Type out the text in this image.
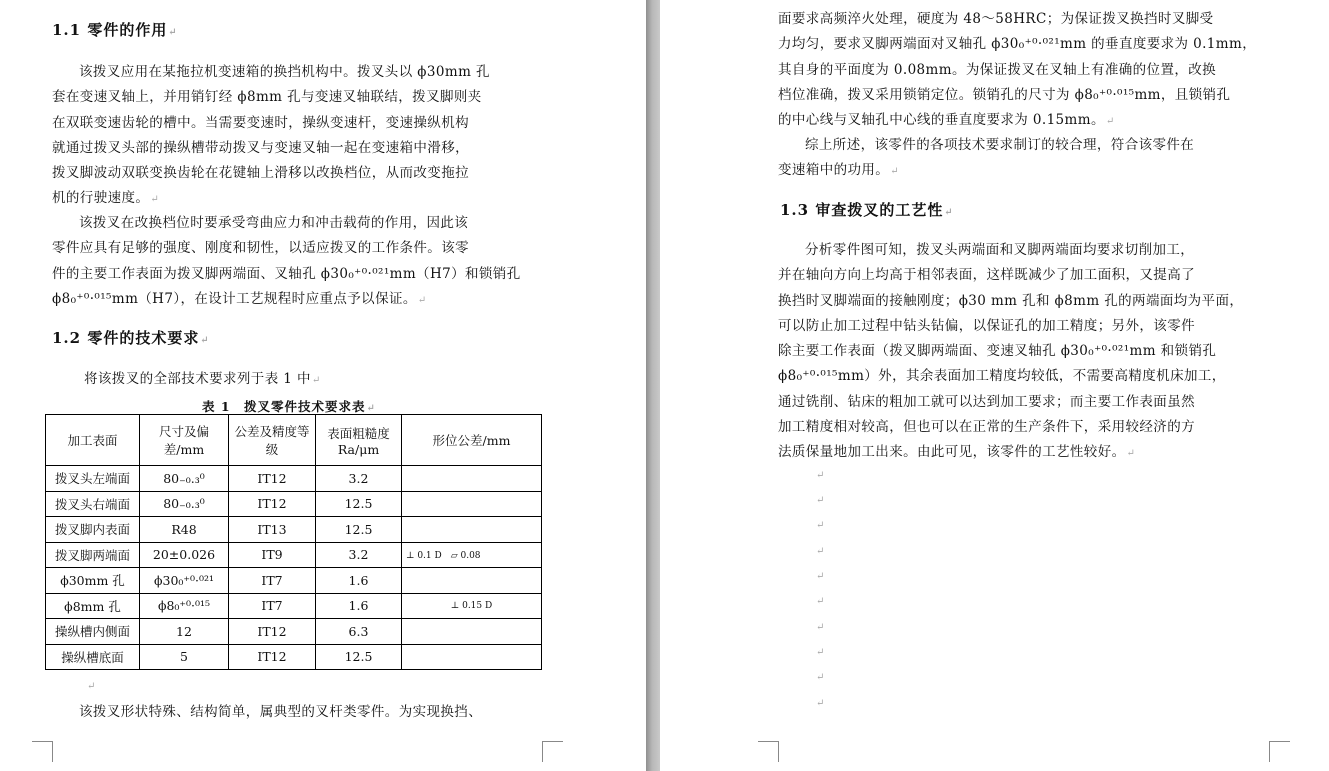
1.1 零件的作用↵
该拨叉应用在某拖拉机变速箱的换挡机构中。拨叉头以 ϕ30mm 孔
套在变速叉轴上，并用销钉经 ϕ8mm 孔与变速叉轴联结，拨叉脚则夹
在双联变速齿轮的槽中。当需要变速时，操纵变速杆，变速操纵机构
就通过拨叉头部的操纵槽带动拨叉与变速叉轴一起在变速箱中滑移，
拨叉脚波动双联变换齿轮在花键轴上滑移以改换档位，从而改变拖拉
机的行驶速度。↵
该拨叉在改换档位时要承受弯曲应力和冲击载荷的作用，因此该
零件应具有足够的强度、刚度和韧性，以适应拨叉的工作条件。该零
件的主要工作表面为拨叉脚两端面、叉轴孔 ϕ30₀⁺⁰·⁰²¹mm（H7）和锁销孔
ϕ8₀⁺⁰·⁰¹⁵mm（H7），在设计工艺规程时应重点予以保证。↵
1.2 零件的技术要求↵
将该拨叉的全部技术要求列于表 1 中↵
表 1　拨叉零件技术要求表↵
加工表面	尺寸及偏差/mm	公差及精度等级	表面粗糙度 Ra/μm	形位公差/mm
拨叉头左端面	80₋₀.₃⁰	IT12	3.2	
拨叉头右端面	80₋₀.₃⁰	IT12	12.5	
拨叉脚内表面	R48	IT13	12.5	
拨叉脚两端面	20±0.026	IT9	3.2	⊥ 0.1 D　⏥ 0.08
ϕ30mm 孔	ϕ30₀⁺⁰·⁰²¹	IT7	1.6	
ϕ8mm 孔	ϕ8₀⁺⁰·⁰¹⁵	IT7	1.6	⊥ 0.15 D
操纵槽内侧面	12	IT12	6.3	
操纵槽底面	5	IT12	12.5	
↵
该拨叉形状特殊、结构简单，属典型的叉杆类零件。为实现换挡、
面要求高频淬火处理，硬度为 48～58HRC；为保证拨叉换挡时叉脚受
力均匀，要求叉脚两端面对叉轴孔 ϕ30₀⁺⁰·⁰²¹mm 的垂直度要求为 0.1mm，
其自身的平面度为 0.08mm。为保证拨叉在叉轴上有准确的位置，改换
档位准确，拨叉采用锁销定位。锁销孔的尺寸为 ϕ8₀⁺⁰·⁰¹⁵mm，且锁销孔
的中心线与叉轴孔中心线的垂直度要求为 0.15mm。↵
综上所述，该零件的各项技术要求制订的较合理，符合该零件在
变速箱中的功用。↵
1.3 审查拨叉的工艺性↵
分析零件图可知，拨叉头两端面和叉脚两端面均要求切削加工，
并在轴向方向上均高于相邻表面，这样既减少了加工面积，又提高了
换挡时叉脚端面的接触刚度；ϕ30 mm 孔和 ϕ8mm 孔的两端面均为平面，
可以防止加工过程中钻头钻偏，以保证孔的加工精度；另外，该零件
除主要工作表面（拨叉脚两端面、变速叉轴孔 ϕ30₀⁺⁰·⁰²¹mm 和锁销孔
ϕ8₀⁺⁰·⁰¹⁵mm）外，其余表面加工精度均较低，不需要高精度机床加工，
通过铣削、钻床的粗加工就可以达到加工要求；而主要工作表面虽然
加工精度相对较高，但也可以在正常的生产条件下，采用较经济的方
法质保量地加工出来。由此可见，该零件的工艺性较好。↵
↵
↵
↵
↵
↵
↵
↵
↵
↵
↵
